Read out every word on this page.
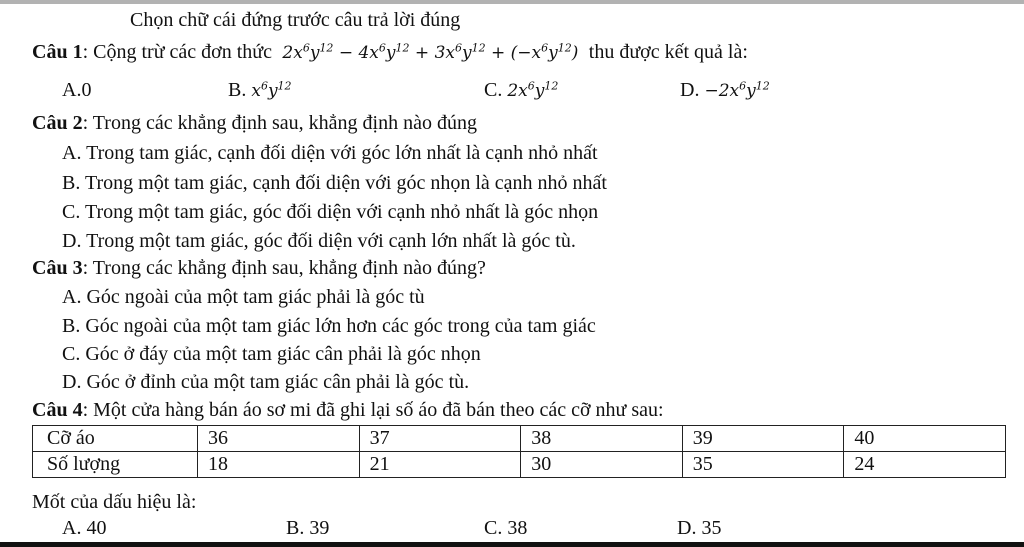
Chọn chữ cái đứng trước câu trả lời đúng
Câu 1: Cộng trừ các đơn thức  $2x^6y^{12} - 4x^6y^{12} + 3x^6y^{12} + (-x^6y^{12})$  thu được kết quả là:
A.0	B. $x^6y^{12}$	C. $2x^6y^{12}$	D. $-2x^6y^{12}$
Câu 2: Trong các khẳng định sau, khẳng định nào đúng
A. Trong tam giác, cạnh đối diện với góc lớn nhất là cạnh nhỏ nhất
B. Trong một tam giác, cạnh đối diện với góc nhọn là cạnh nhỏ nhất
C. Trong một tam giác, góc đối diện với cạnh nhỏ nhất là góc nhọn
D. Trong một tam giác, góc đối diện với cạnh lớn nhất là góc tù.
Câu 3: Trong các khẳng định sau, khẳng định nào đúng?
A. Góc ngoài của một tam giác phải là góc tù
B. Góc ngoài của một tam giác lớn hơn các góc trong của tam giác
C. Góc ở đáy của một tam giác cân phải là góc nhọn
D. Góc ở đỉnh của một tam giác cân phải là góc tù.
Câu 4: Một cửa hàng bán áo sơ mi đã ghi lại số áo đã bán theo các cỡ như sau:
Cỡ áo	36	37	38	39	40
Số lượng	18	21	30	35	24
Mốt của dấu hiệu là:
A. 40	B. 39	C. 38	D. 35
